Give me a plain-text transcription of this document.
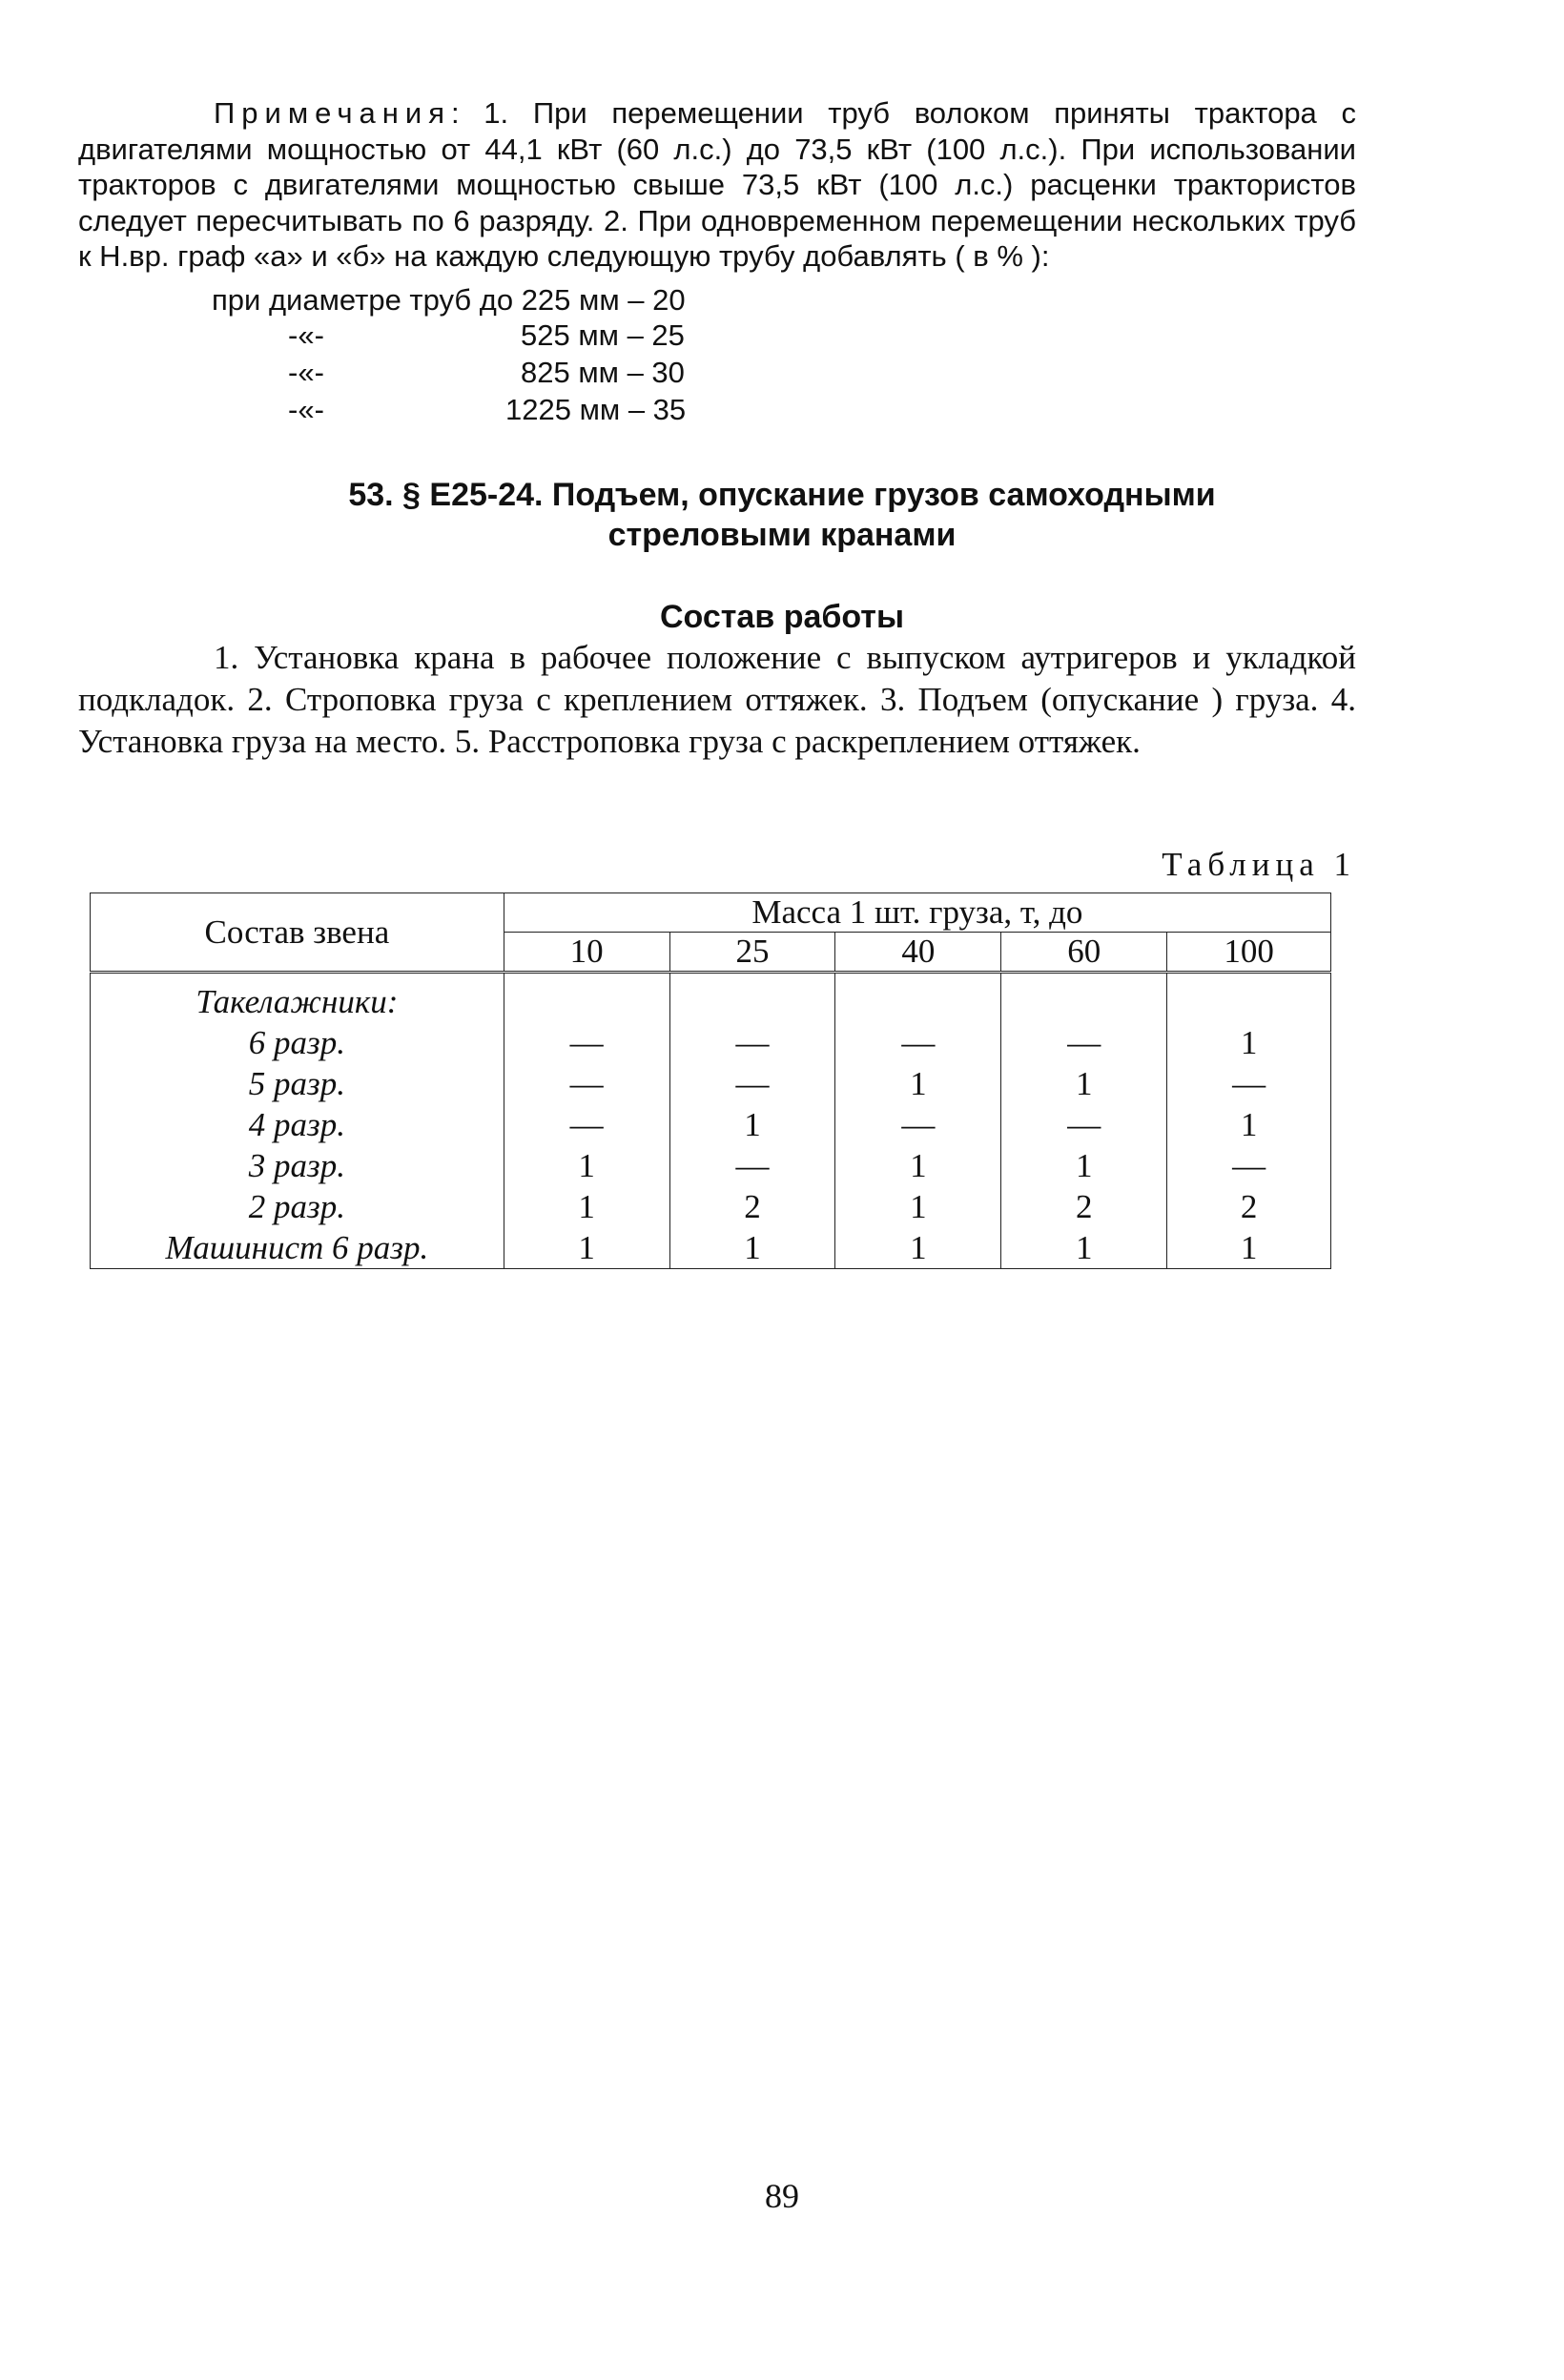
Примечания: 1. При перемещении труб волоком приняты трактора с двигателями мощностью от 44,1 кВт (60 л.с.) до 73,5 кВт (100 л.с.). При использовании тракторов с двигателями мощностью свыше 73,5 кВт (100 л.с.) расценки трактористов следует пересчитывать по 6 разряду. 2. При одновременном перемещении нескольких труб к Н.вр. граф «а» и «б» на каждую следующую трубу добавлять ( в % ):

при диаметре труб до 225 мм – 20
-«-	525 мм – 25
-«-	825 мм – 30
-«-	1225 мм – 35
53. § Е25-24. Подъем, опускание грузов самоходными
стреловыми кранами
Состав работы

1. Установка крана в рабочее положение с выпуском аутригеров и укладкой подкладок. 2. Строповка груза с креплением оттяжек. 3. Подъем (опускание ) груза. 4. Установка груза на место. 5. Расстроповка груза с раскреплением оттяжек.

Таблица 1
Состав звена	Масса 1 шт. груза, т, до				
	10	25	40	60	100

Такелажники:					
6 разр.	—	—	—	—	1
5 разр.	—	—	1	1	—
4 разр.	—	1	—	—	1
3 разр.	1	—	1	1	—
2 разр.	1	2	1	2	2
Машинист 6 разр.	1	1	1	1	1
89
